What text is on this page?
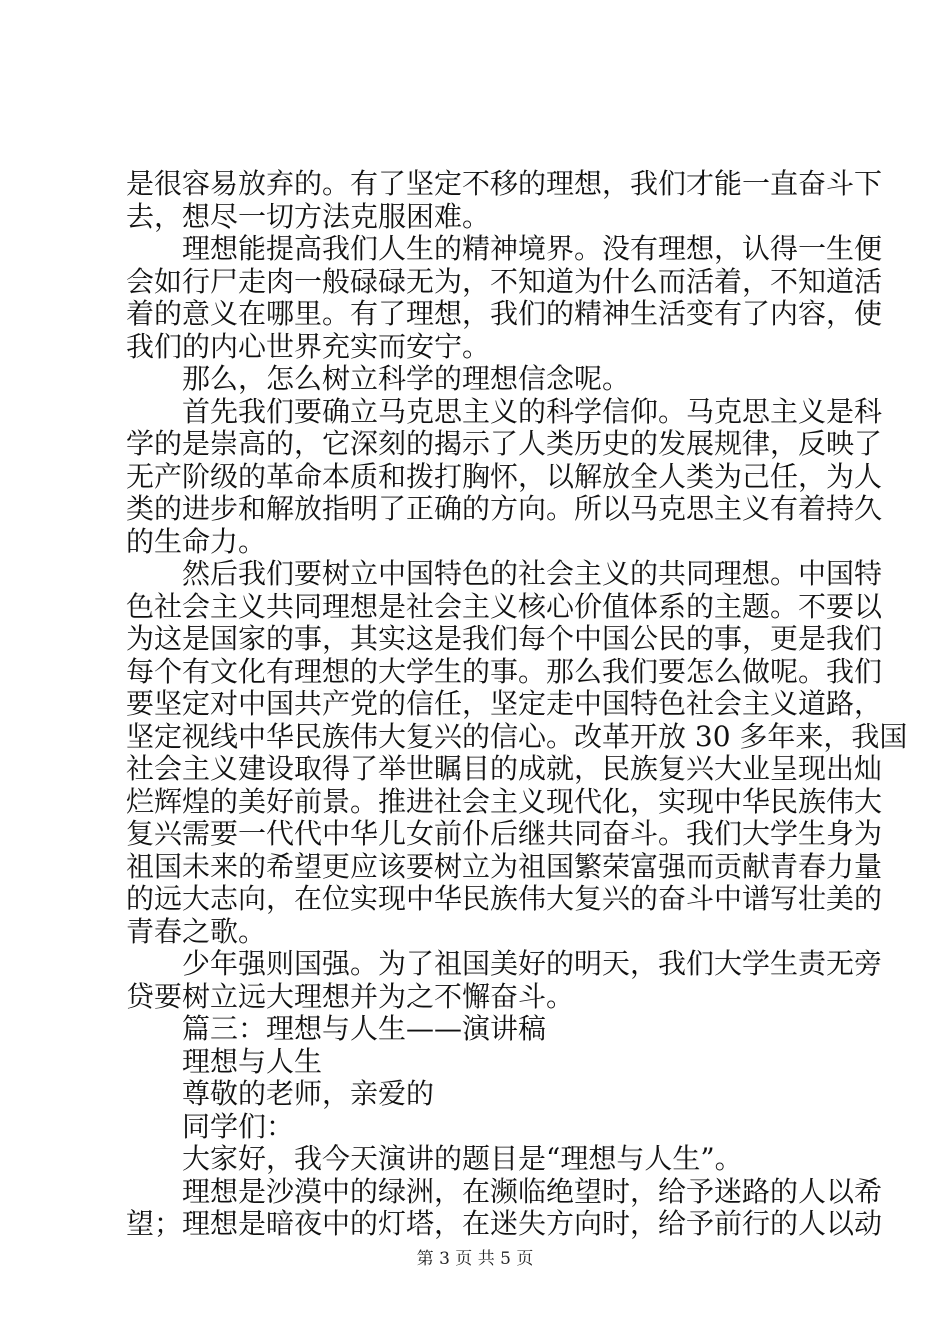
是很容易放弃的。有了坚定不移的理想，我们才能一直奋斗下
去，想尽一切方法克服困难。
理想能提高我们人生的精神境界。没有理想，认得一生便
会如行尸走肉一般碌碌无为，不知道为什么而活着，不知道活
着的意义在哪里。有了理想，我们的精神生活变有了内容，使
我们的内心世界充实而安宁。
那么，怎么树立科学的理想信念呢。
首先我们要确立马克思主义的科学信仰。马克思主义是科
学的是崇高的，它深刻的揭示了人类历史的发展规律，反映了
无产阶级的革命本质和拨打胸怀，以解放全人类为己任，为人
类的进步和解放指明了正确的方向。所以马克思主义有着持久
的生命力。
然后我们要树立中国特色的社会主义的共同理想。中国特
色社会主义共同理想是社会主义核心价值体系的主题。不要以
为这是国家的事，其实这是我们每个中国公民的事，更是我们
每个有文化有理想的大学生的事。那么我们要怎么做呢。我们
要坚定对中国共产党的信任，坚定走中国特色社会主义道路，
坚定视线中华民族伟大复兴的信心。改革开放 30 多年来，我国
社会主义建设取得了举世瞩目的成就，民族复兴大业呈现出灿
烂辉煌的美好前景。推进社会主义现代化，实现中华民族伟大
复兴需要一代代中华儿女前仆后继共同奋斗。我们大学生身为
祖国未来的希望更应该要树立为祖国繁荣富强而贡献青春力量
的远大志向，在位实现中华民族伟大复兴的奋斗中谱写壮美的
青春之歌。
少年强则国强。为了祖国美好的明天，我们大学生责无旁
贷要树立远大理想并为之不懈奋斗。
篇三：理想与人生——演讲稿
理想与人生
尊敬的老师，亲爱的
同学们：
大家好，我今天演讲的题目是“理想与人生”。
理想是沙漠中的绿洲，在濒临绝望时，给予迷路的人以希
望；理想是暗夜中的灯塔，在迷失方向时，给予前行的人以动
第 3 页 共 5 页
